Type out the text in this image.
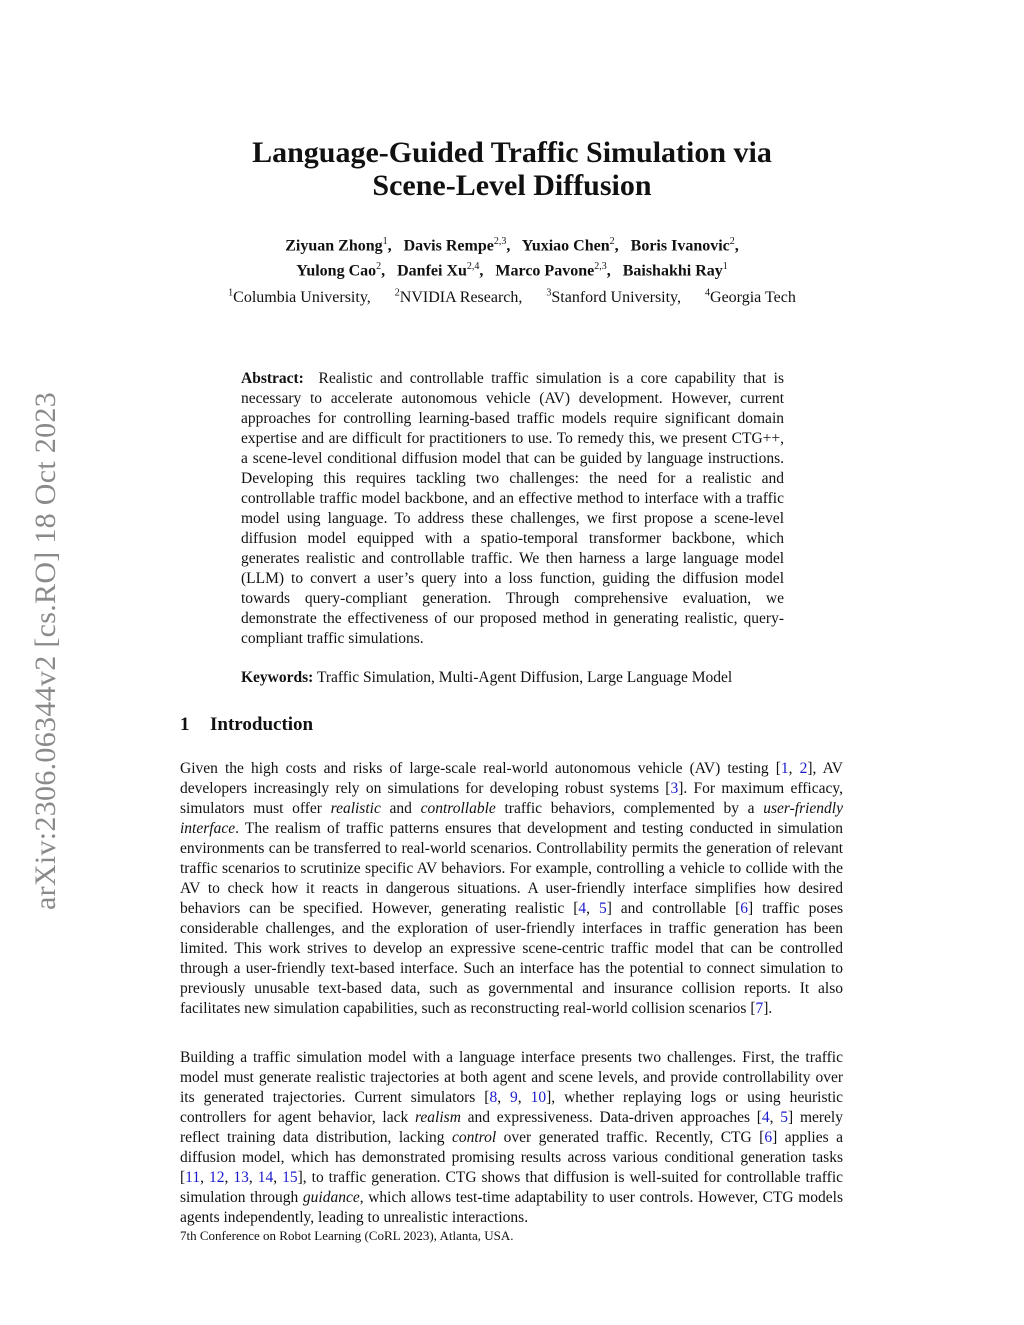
arXiv:2306.06344v2 [cs.RO] 18 Oct 2023
Language-Guided Traffic Simulation via
Scene-Level Diffusion
Ziyuan Zhong$^1$,   Davis Rempe$^{2,3}$,   Yuxiao Chen$^2$,   Boris Ivanovic$^2$,
Yulong Cao$^2$,   Danfei Xu$^{2,4}$,   Marco Pavone$^{2,3}$,   Baishakhi Ray$^1$
$^1$Columbia University, $^2$NVIDIA Research, $^3$Stanford University, $^4$Georgia Tech
Abstract: Realistic and controllable traffic simulation is a core capability that is necessary to accelerate autonomous vehicle (AV) development. However, current approaches for controlling learning-based traffic models require significant domain expertise and are difficult for practitioners to use. To remedy this, we present CTG++, a scene-level conditional diffusion model that can be guided by language instructions. Developing this requires tackling two challenges: the need for a realistic and controllable traffic model backbone, and an effective method to interface with a traffic model using language. To address these challenges, we first propose a scene-level diffusion model equipped with a spatio-temporal transformer backbone, which generates realistic and controllable traffic. We then harness a large language model (LLM) to convert a user’s query into a loss function, guiding the diffusion model towards query-compliant generation. Through comprehensive evaluation, we demonstrate the effectiveness of our proposed method in generating realistic, query-compliant traffic simulations.
Keywords: Traffic Simulation, Multi-Agent Diffusion, Large Language Model
1 Introduction
Given the high costs and risks of large-scale real-world autonomous vehicle (AV) testing [1, 2], AV developers increasingly rely on simulations for developing robust systems [3]. For maximum efficacy, simulators must offer realistic and controllable traffic behaviors, complemented by a user-friendly interface. The realism of traffic patterns ensures that development and testing conducted in simulation environments can be transferred to real-world scenarios. Controllability permits the generation of relevant traffic scenarios to scrutinize specific AV behaviors. For example, controlling a vehicle to collide with the AV to check how it reacts in dangerous situations. A user-friendly interface simplifies how desired behaviors can be specified. However, generating realistic [4, 5] and controllable [6] traffic poses considerable challenges, and the exploration of user-friendly interfaces in traffic generation has been limited. This work strives to develop an expressive scene-centric traffic model that can be controlled through a user-friendly text-based interface. Such an interface has the potential to connect simulation to previously unusable text-based data, such as governmental and insurance collision reports. It also facilitates new simulation capabilities, such as reconstructing real-world collision scenarios [7].
Building a traffic simulation model with a language interface presents two challenges. First, the traffic model must generate realistic trajectories at both agent and scene levels, and provide controllability over its generated trajectories. Current simulators [8, 9, 10], whether replaying logs or using heuristic controllers for agent behavior, lack realism and expressiveness. Data-driven approaches [4, 5] merely reflect training data distribution, lacking control over generated traffic. Recently, CTG [6] applies a diffusion model, which has demonstrated promising results across various conditional generation tasks [11, 12, 13, 14, 15], to traffic generation. CTG shows that diffusion is well-suited for controllable traffic simulation through guidance, which allows test-time adaptability to user controls. However, CTG models agents independently, leading to unrealistic interactions.
7th Conference on Robot Learning (CoRL 2023), Atlanta, USA.
